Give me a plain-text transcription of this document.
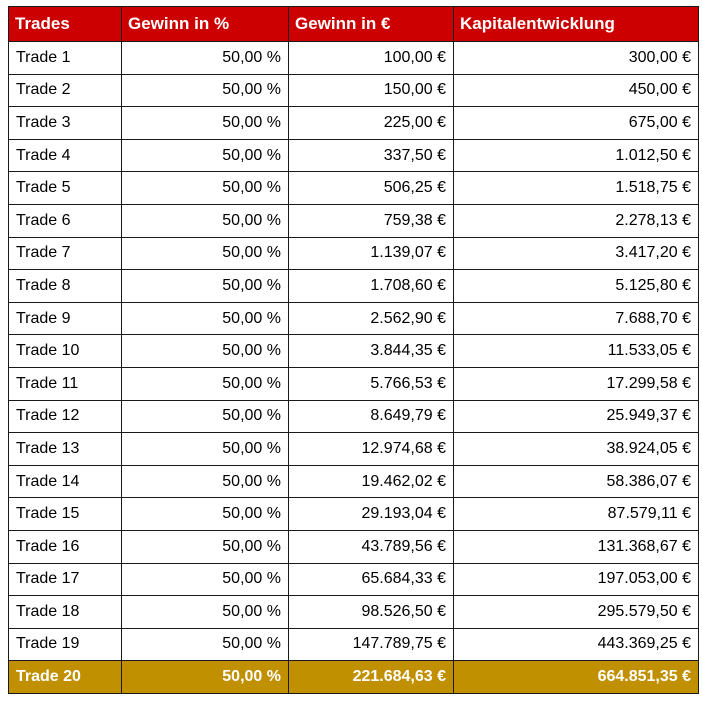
Trades	Gewinn in %	Gewinn in €	Kapitalentwicklung
Trade 1	50,00 %	100,00 €	300,00 €
Trade 2	50,00 %	150,00 €	450,00 €
Trade 3	50,00 %	225,00 €	675,00 €
Trade 4	50,00 %	337,50 €	1.012,50 €
Trade 5	50,00 %	506,25 €	1.518,75 €
Trade 6	50,00 %	759,38 €	2.278,13 €
Trade 7	50,00 %	1.139,07 €	3.417,20 €
Trade 8	50,00 %	1.708,60 €	5.125,80 €
Trade 9	50,00 %	2.562,90 €	7.688,70 €
Trade 10	50,00 %	3.844,35 €	11.533,05 €
Trade 11	50,00 %	5.766,53 €	17.299,58 €
Trade 12	50,00 %	8.649,79 €	25.949,37 €
Trade 13	50,00 %	12.974,68 €	38.924,05 €
Trade 14	50,00 %	19.462,02 €	58.386,07 €
Trade 15	50,00 %	29.193,04 €	87.579,11 €
Trade 16	50,00 %	43.789,56 €	131.368,67 €
Trade 17	50,00 %	65.684,33 €	197.053,00 €
Trade 18	50,00 %	98.526,50 €	295.579,50 €
Trade 19	50,00 %	147.789,75 €	443.369,25 €
Trade 20	50,00 %	221.684,63 €	664.851,35 €
